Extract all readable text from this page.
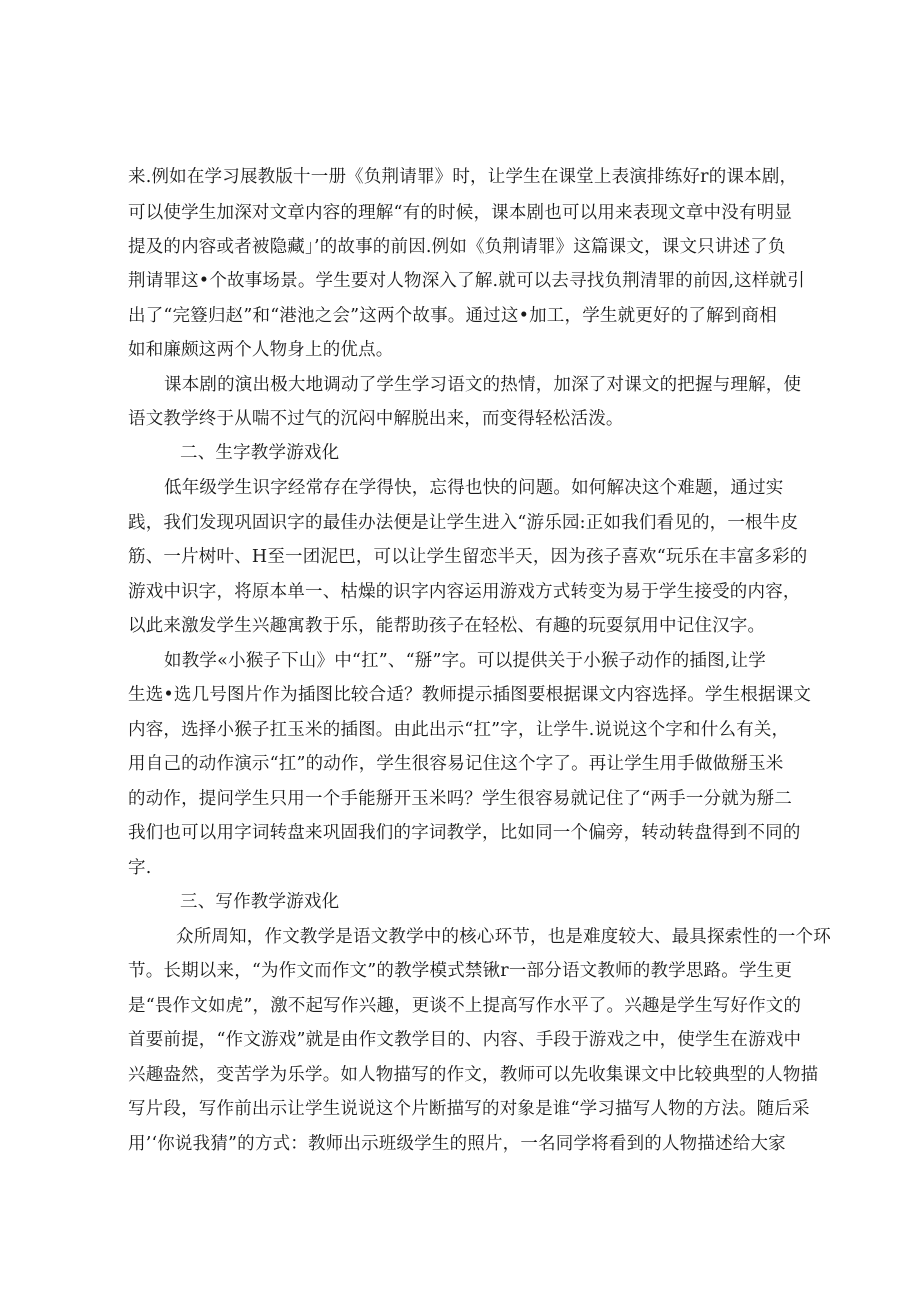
来.例如在学习展教版十一册《负荆请罪》时，让学生在课堂上表演排练好r的课本剧，
可以使学生加深对文章内容的理解“有的时候，课本剧也可以用来表现文章中没有明显
提及的内容或者被隐藏」’的故事的前因.例如《负荆请罪》这篇课文，课文只讲述了负
荆请罪这•个故事场景。学生要对人物深入了解.就可以去寻找负荆清罪的前因,这样就引
出了“完簦归赵”和“港池之会”这两个故事。通过这•加工，学生就更好的了解到商相
如和廉颇这两个人物身上的优点。
课本剧的演出极大地调动了学生学习语文的热情，加深了对课文的把握与理解，使
语文教学终于从喘不过气的沉闷中解脱出来，而变得轻松活泼。
二、生字教学游戏化
低年级学生识字经常存在学得快，忘得也快的问题。如何解决这个难题，通过实
践，我们发现巩固识字的最佳办法便是让学生进入“游乐园:正如我们看见的，一根牛皮
筋、一片树叶、H至一团泥巴，可以让学生留恋半天，因为孩子喜欢“玩乐在丰富多彩的
游戏中识字，将原本单一、枯燥的识字内容运用游戏方式转变为易于学生接受的内容，
以此来激发学生兴趣寓教于乐，能帮助孩子在轻松、有趣的玩耍氛用中记住汉字。
如教学«小猴子下山》中“扛”、“掰”字。可以提供关于小猴子动作的插图,让学
生选•选几号图片作为插图比较合适？教师提示插图要根据课文内容选择。学生根据课文
内容，选择小猴子扛玉米的插图。由此出示“扛”字，让学牛.说说这个字和什么有关，
用自己的动作演示“扛”的动作，学生很容易记住这个字了。再让学生用手做做掰玉米
的动作，提问学生只用一个手能掰开玉米吗？学生很容易就记住了“两手一分就为掰二
我们也可以用字词转盘来巩固我们的字词教学，比如同一个偏旁，转动转盘得到不同的
字.
三、写作教学游戏化
众所周知，作文教学是语文教学中的核心环节，也是难度较大、最具探索性的一个环
节。长期以来，“为作文而作文”的教学模式禁锹r一部分语文教师的教学思路。学生更
是“畏作文如虎”，激不起写作兴趣，更谈不上提高写作水平了。兴趣是学生写好作文的
首要前提，“作文游戏”就是由作文教学目的、内容、手段于游戏之中，使学生在游戏中
兴趣盎然，变苦学为乐学。如人物描写的作文，教师可以先收集课文中比较典型的人物描
写片段，写作前出示让学生说说这个片断描写的对象是谁“学习描写人物的方法。随后采
用’‘你说我猜”的方式：教师出示班级学生的照片，一名同学将看到的人物描述给大家
